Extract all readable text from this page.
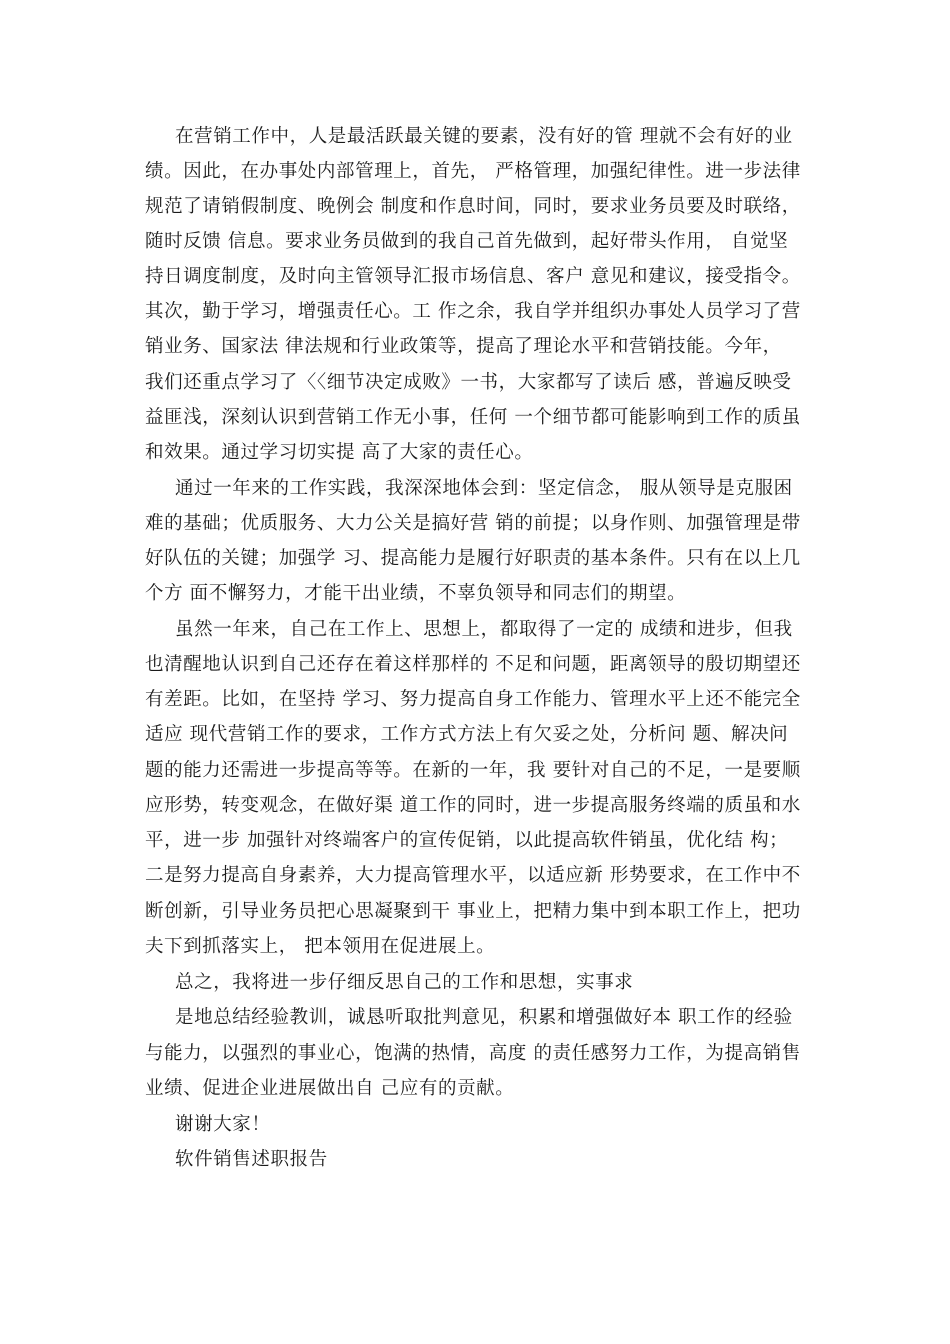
在营销工作中，人是最活跃最关键的要素，没有好的管 理就不会有好的业
绩。因此，在办事处内部管理上，首先， 严格管理，加强纪律性。进一步法律
规范了请销假制度、晚例会 制度和作息时间，同时，要求业务员要及时联络，
随时反馈 信息。要求业务员做到的我自己首先做到，起好带头作用， 自觉坚
持日调度制度，及时向主管领导汇报市场信息、客户 意见和建议，接受指令。
其次，勤于学习，增强责任心。工 作之余，我自学并组织办事处人员学习了营
销业务、国家法 律法规和行业政策等，提高了理论水平和营销技能。今年，
我们还重点学习了〈〈细节决定成败》一书，大家都写了读后 感，普遍反映受
益匪浅，深刻认识到营销工作无小事，任何 一个细节都可能影响到工作的质虽
和效果。通过学习切实提 高了大家的责任心。
通过一年来的工作实践，我深深地体会到：坚定信念， 服从领导是克服困
难的基础；优质服务、大力公关是搞好营 销的前提；以身作则、加强管理是带
好队伍的关键；加强学 习、提高能力是履行好职责的基本条件。只有在以上几
个方 面不懈努力，才能干出业绩，不辜负领导和同志们的期望。
虽然一年来，自己在工作上、思想上，都取得了一定的 成绩和进步，但我
也清醒地认识到自己还存在着这样那样的 不足和问题，距离领导的殷切期望还
有差距。比如，在坚持 学习、努力提高自身工作能力、管理水平上还不能完全
适应 现代营销工作的要求，工作方式方法上有欠妥之处，分析问 题、解决问
题的能力还需进一步提高等等。在新的一年，我 要针对自己的不足，一是要顺
应形势，转变观念，在做好渠 道工作的同时，进一步提高服务终端的质虽和水
平，进一步 加强针对终端客户的宣传促销，以此提高软件销虽，优化结 构；
二是努力提高自身素养，大力提高管理水平，以适应新 形势要求，在工作中不
断创新，引导业务员把心思凝聚到干 事业上，把精力集中到本职工作上，把功
夫下到抓落实上， 把本领用在促进展上。
总之，我将进一步仔细反思自己的工作和思想，实事求
是地总结经验教训，诚恳听取批判意见，积累和增强做好本 职工作的经验
与能力，以强烈的事业心，饱满的热情，高度 的责任感努力工作，为提高销售
业绩、促进企业进展做出自 己应有的贡献。
谢谢大家！
软件销售述职报告
